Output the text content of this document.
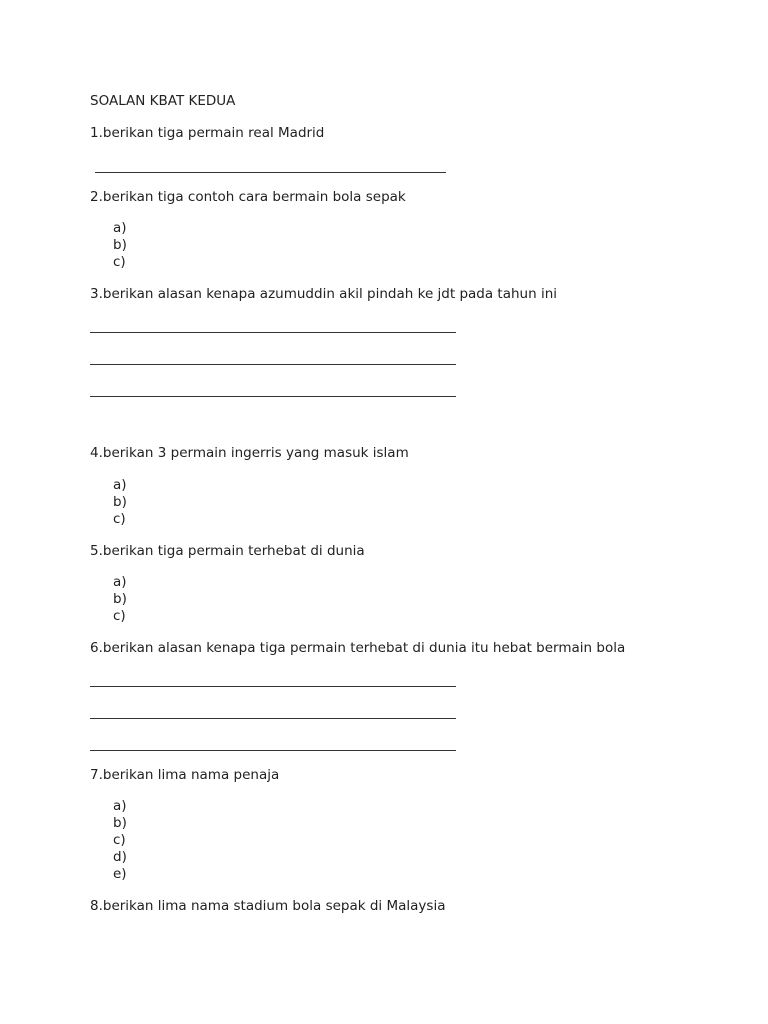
SOALAN KBAT KEDUA
1.berikan tiga permain real Madrid
2.berikan tiga contoh cara bermain bola sepak
a)
b)
c)
3.berikan alasan kenapa azumuddin akil pindah ke jdt pada tahun ini
4.berikan 3 permain ingerris yang masuk islam
a)
b)
c)
5.berikan tiga permain terhebat di dunia
a)
b)
c)
6.berikan alasan kenapa tiga permain terhebat di dunia itu hebat bermain bola
7.berikan lima nama penaja
a)
b)
c)
d)
e)
8.berikan lima nama stadium bola sepak di Malaysia
